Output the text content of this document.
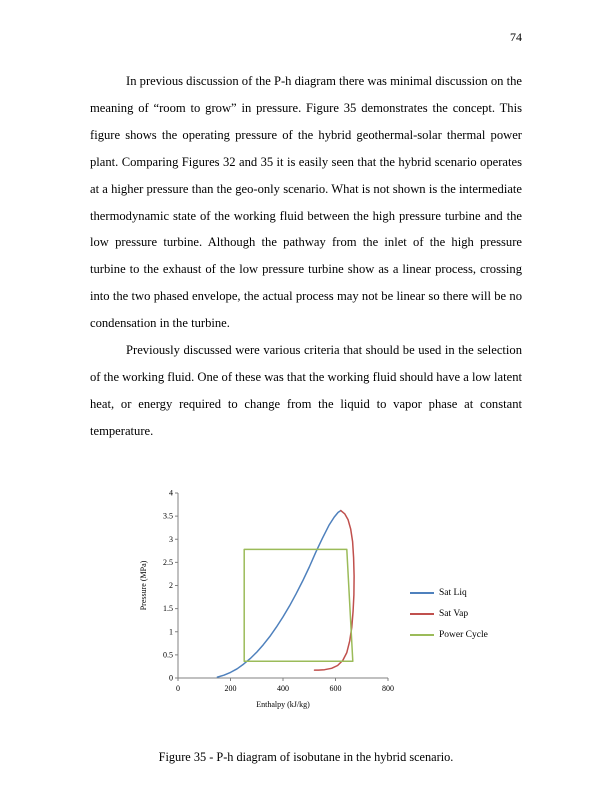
74

In previous discussion of the P-h diagram there was minimal discussion on the meaning of “room to grow” in pressure. Figure 35 demonstrates the concept. This figure shows the operating pressure of the hybrid geothermal-solar thermal power plant. Comparing Figures 32 and 35 it is easily seen that the hybrid scenario operates at a higher pressure than the geo-only scenario. What is not shown is the intermediate thermodynamic state of the working fluid between the high pressure turbine and the low pressure turbine. Although the pathway from the inlet of the high pressure turbine to the exhaust of the low pressure turbine show as a linear process, crossing into the two phased envelope, the actual process may not be linear so there will be no condensation in the turbine.

Previously discussed were various criteria that should be used in the selection of the working fluid. One of these was that the working fluid should have a low latent heat, or energy required to change from the liquid to vapor phase at constant temperature.

0
0.5
1
1.5
2
2.5
3
3.5
4
0	200	400	600	800
Pressure (MPa)
Enthalpy (kJ/kg)
Sat Liq
Sat Vap
Power Cycle
Figure 35 - P-h diagram of isobutane in the hybrid scenario.
